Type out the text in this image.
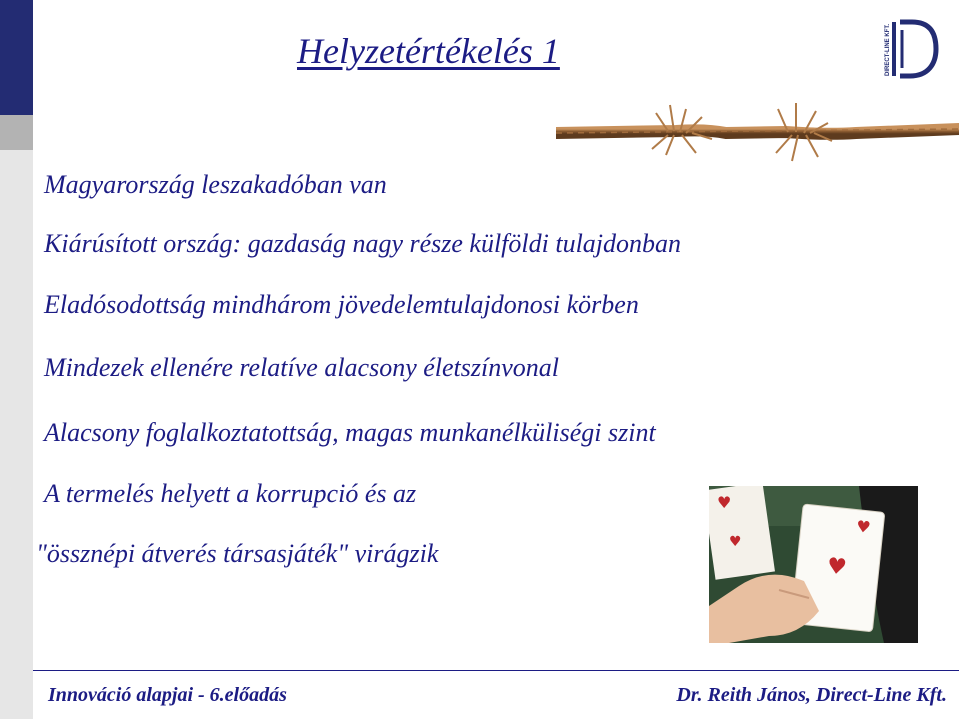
Helyzetértékelés 1	DIRECT-LINE KFT.
Magyarország leszakadóban van
Kiárúsított ország: gazdaság nagy része külföldi tulajdonban
Eladósodottság mindhárom jövedelemtulajdonosi körben
Mindezek ellenére relatíve alacsony életszínvonal
Alacsony foglalkoztatottság, magas munkanélküliségi szint
A termelés helyett a korrupció és az
"össznépi átverés társasjáték" virágzik
♥
♥
♥
♥
Innováció alapjai - 6.előadás	Dr. Reith János, Direct-Line Kft.
